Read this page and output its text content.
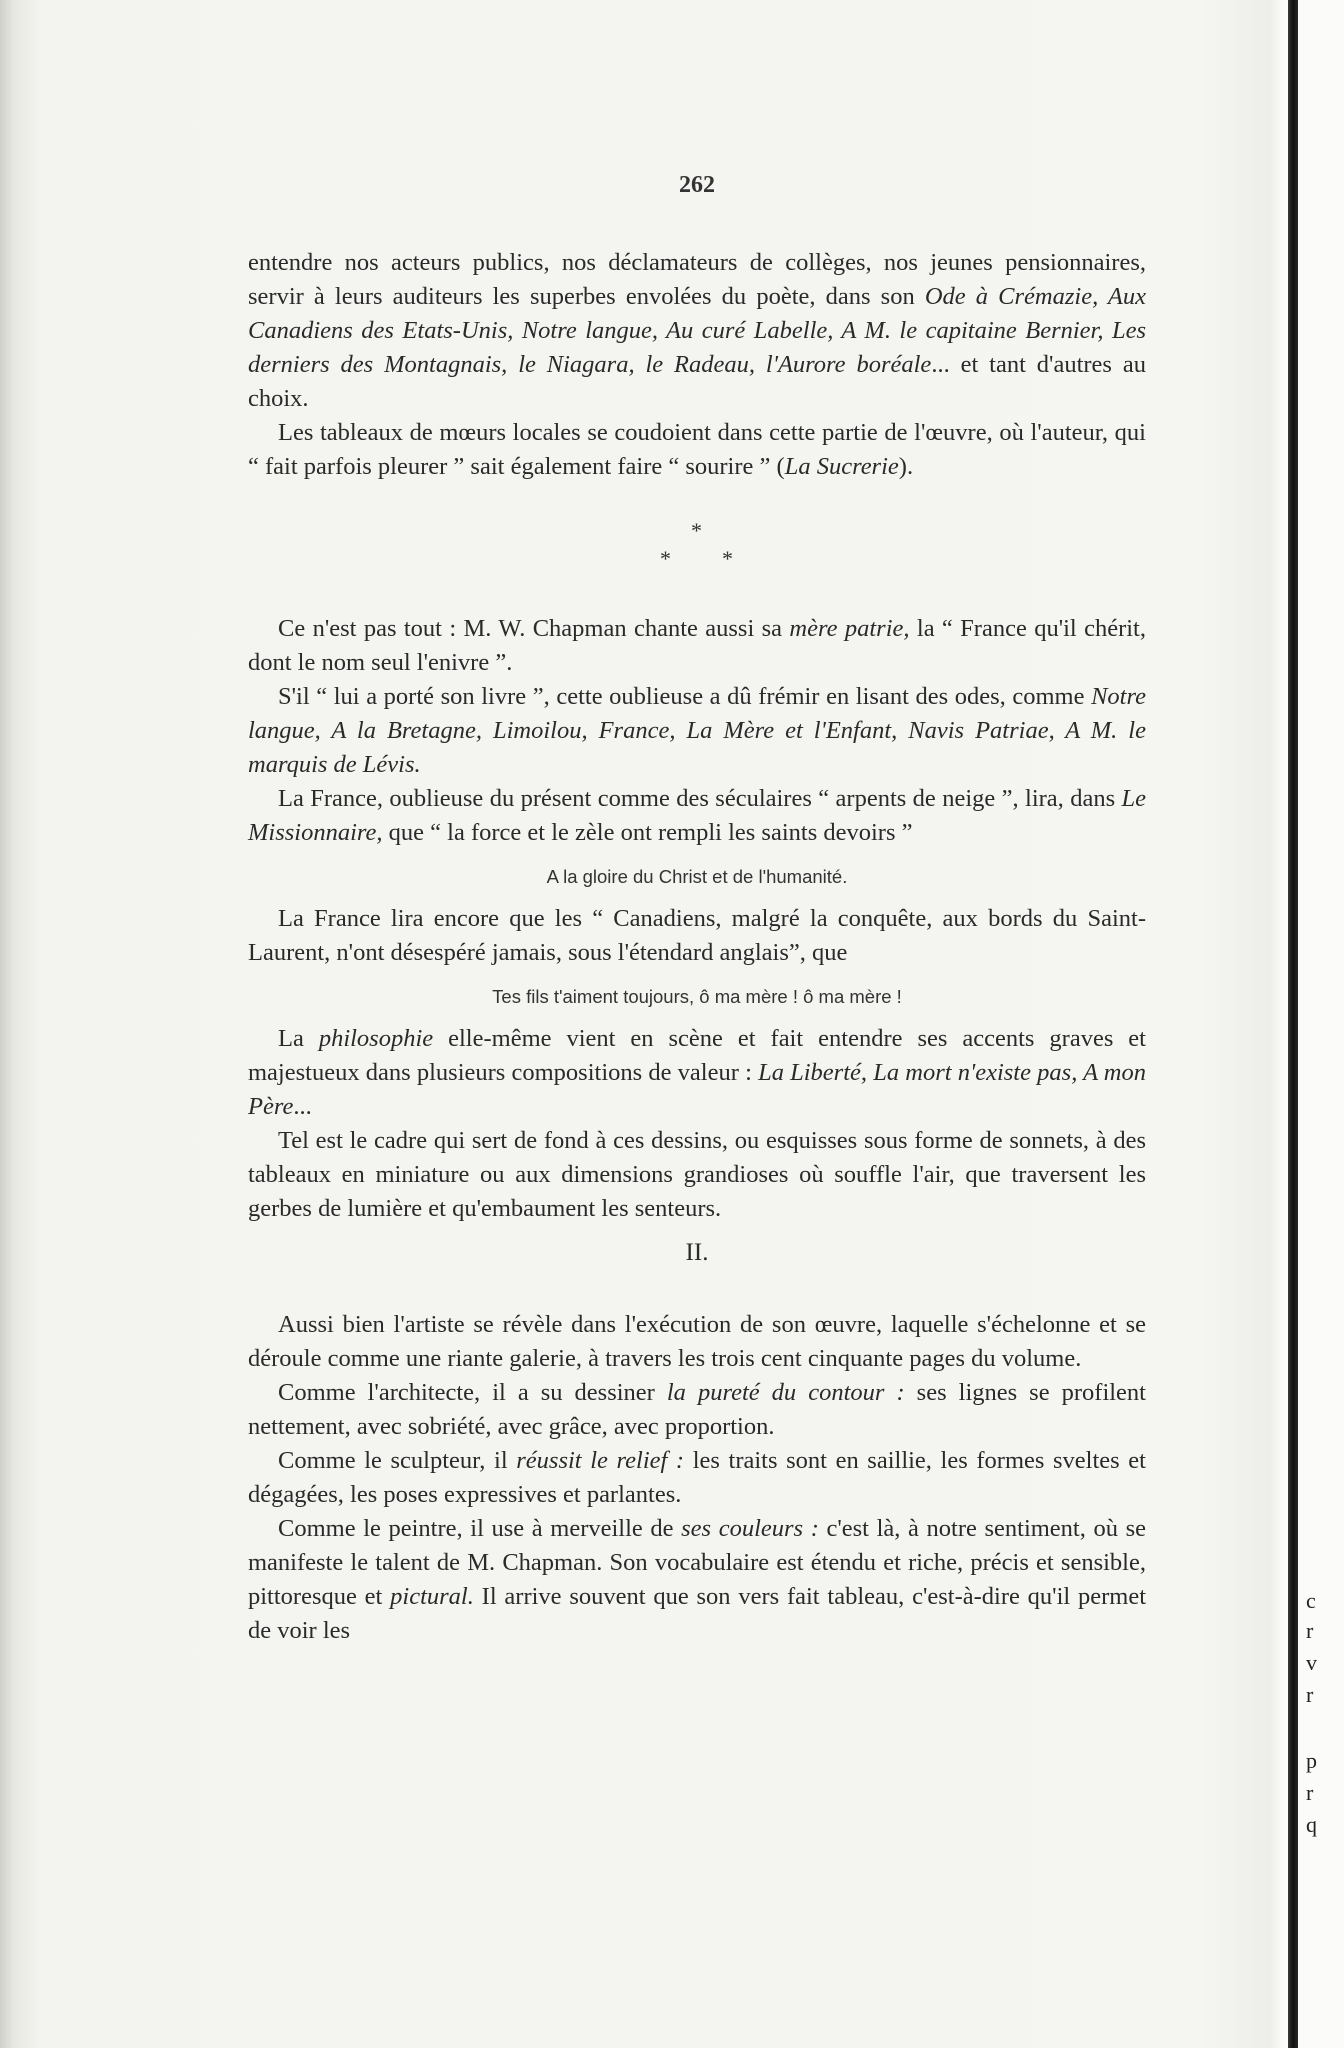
c
r
v
r
p
r
q
262

entendre nos acteurs publics, nos déclamateurs de collèges, nos jeunes pensionnaires, servir à leurs auditeurs les superbes envolées du poète, dans son Ode à Crémazie, Aux Canadiens des Etats-Unis, Notre langue, Au curé Labelle, A M. le capitaine Bernier, Les derniers des Montagnais, le Niagara, le Radeau, l'Aurore boréale... et tant d'autres au choix.

Les tableaux de mœurs locales se coudoient dans cette partie de l'œuvre, où l'auteur, qui “ fait parfois pleurer ” sait également faire “ sourire ” (La Sucrerie).

*
* *

Ce n'est pas tout : M. W. Chapman chante aussi sa mère patrie, la “ France qu'il chérit, dont le nom seul l'enivre ”.

S'il “ lui a porté son livre ”, cette oublieuse a dû frémir en lisant des odes, comme Notre langue, A la Bretagne, Limoilou, France, La Mère et l'Enfant, Navis Patriae, A M. le marquis de Lévis.

La France, oublieuse du présent comme des séculaires “ arpents de neige ”, lira, dans Le Missionnaire, que “ la force et le zèle ont rempli les saints devoirs ”

A la gloire du Christ et de l'humanité.

La France lira encore que les “ Canadiens, malgré la conquête, aux bords du Saint-Laurent, n'ont désespéré jamais, sous l'étendard anglais”, que

Tes fils t'aiment toujours, ô ma mère ! ô ma mère !

La philosophie elle-même vient en scène et fait entendre ses accents graves et majestueux dans plusieurs compositions de valeur : La Liberté, La mort n'existe pas, A mon Père...

Tel est le cadre qui sert de fond à ces dessins, ou esquisses sous forme de sonnets, à des tableaux en miniature ou aux dimensions grandioses où souffle l'air, que traversent les gerbes de lumière et qu'embaument les senteurs.

II.

Aussi bien l'artiste se révèle dans l'exécution de son œuvre, laquelle s'échelonne et se déroule comme une riante galerie, à travers les trois cent cinquante pages du volume.

Comme l'architecte, il a su dessiner la pureté du contour : ses lignes se profilent nettement, avec sobriété, avec grâce, avec proportion.

Comme le sculpteur, il réussit le relief : les traits sont en saillie, les formes sveltes et dégagées, les poses expressives et parlantes.

Comme le peintre, il use à merveille de ses couleurs : c'est là, à notre sentiment, où se manifeste le talent de M. Chapman. Son vocabulaire est étendu et riche, précis et sensible, pittoresque et pictural. Il arrive souvent que son vers fait tableau, c'est-à-dire qu'il permet de voir les
